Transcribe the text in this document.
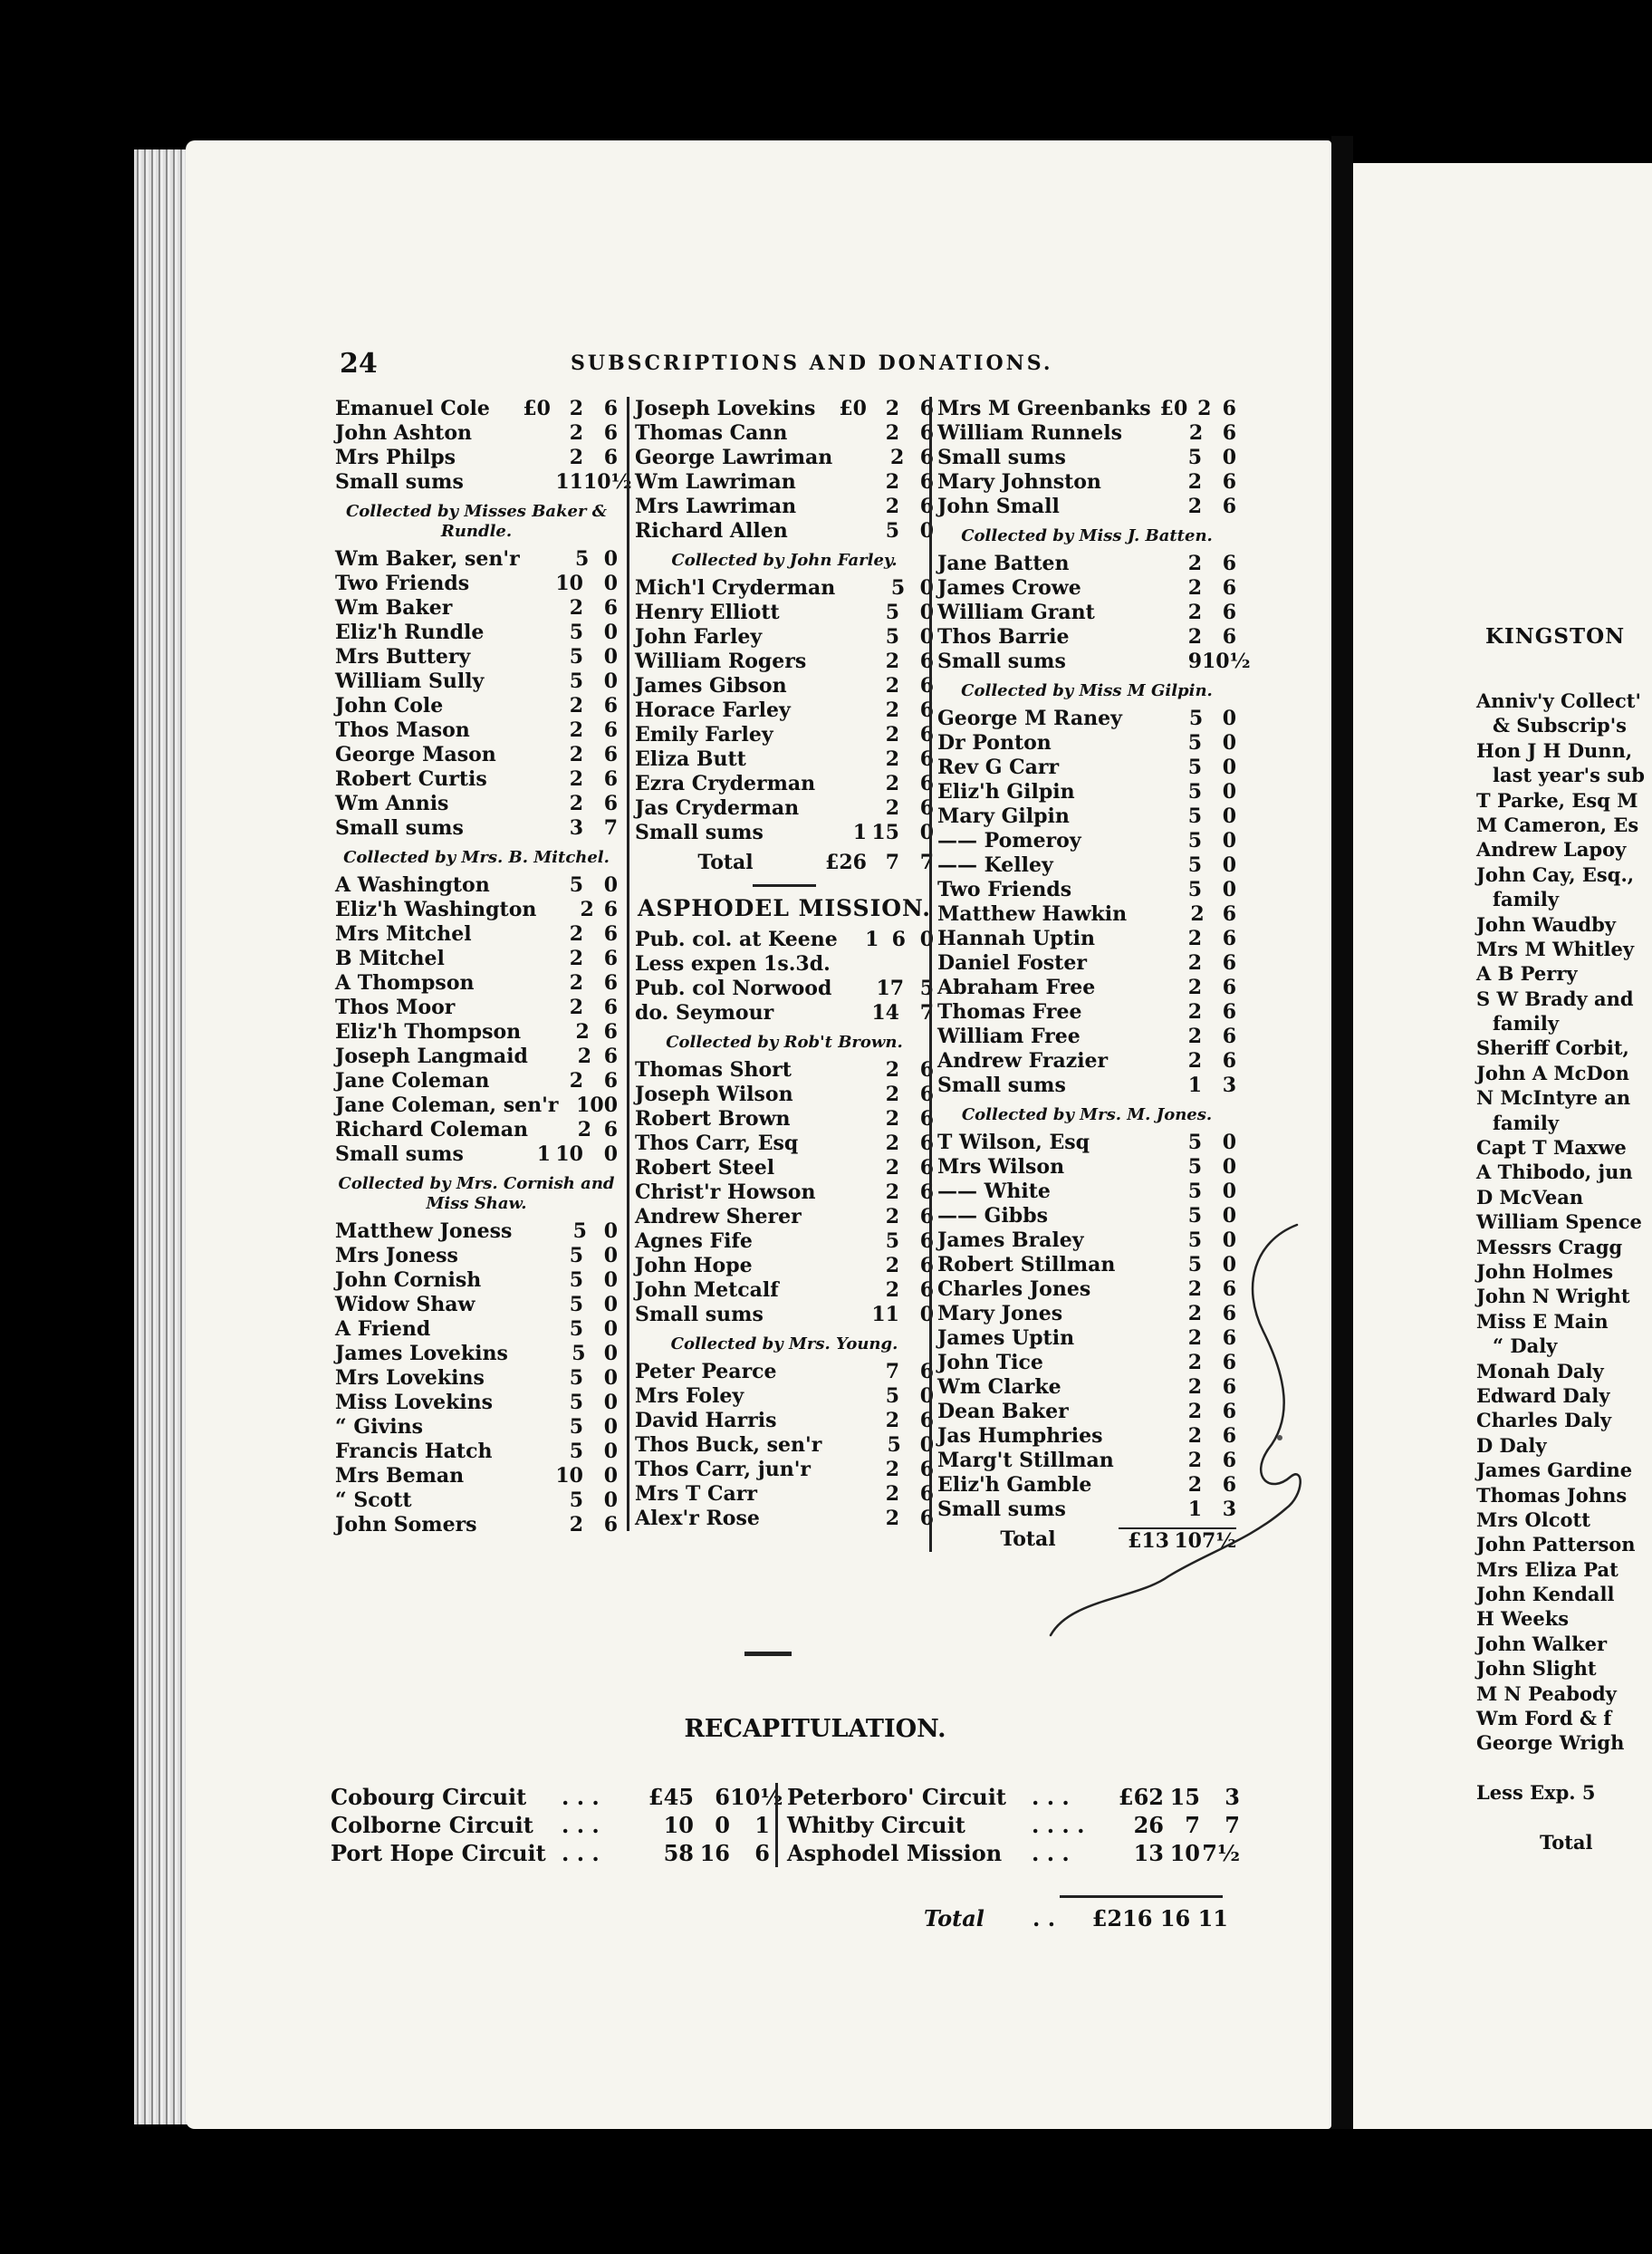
24	SUBSCRIPTIONS AND DONATIONS.
Emanuel Cole	£0 2	6
John Ashton	2	6
Mrs Philps	2	6
Small sums	11 10½
Collected by Misses Baker & Rundle.
Wm Baker, sen'r	5 0
Two Friends	10	0
Wm Baker	2	6
Eliz'h Rundle	5	0
Mrs Buttery	5	0
William Sully	5	0
John Cole	2	6
Thos Mason	2	6
George Mason	2	6
Robert Curtis	2	6
Wm Annis	2	6
Small sums	3	7
Collected by Mrs. B. Mitchel.
A Washington	5	0
Eliz'h Washington	2 6
Mrs Mitchel	2	6
B Mitchel	2	6
A Thompson	2	6
Thos Moor	2	6
Eliz'h Thompson	2 6
Joseph Langmaid	2 6
Jane Coleman	2	6
Jane Coleman, sen'r 10 0
Richard Coleman	2 6
Small sums	1 10	0
Collected by Mrs. Cornish and Miss Shaw.
Matthew Joness	5 0
Mrs Joness	5	0
John Cornish	5	0
Widow Shaw	5	0
A Friend	5	0
James Lovekins	5 0
Mrs Lovekins	5	0
Miss Lovekins	5	0
“ Givins	5	0
Francis Hatch	5	0
Mrs Beman	10	0
“ Scott	5	0
John Somers	2	6
Joseph Lovekins	£0 2	6
Thomas Cann	2	6
George Lawriman	2 6
Wm Lawriman	2	6
Mrs Lawriman	2	6
Richard Allen	5	0
Collected by John Farley.
Mich'l Cryderman	5 0
Henry Elliott	5	0
John Farley	5	0
William Rogers	2	6
James Gibson	2	6
Horace Farley	2	6
Emily Farley	2	6
Eliza Butt	2	6
Ezra Cryderman	2	6
Jas Cryderman	2	6
Small sums	1 15	0
Total	£26 7	7
ASPHODEL MISSION.
Pub. col. at Keene	1 6 0
Less expen 1s.3d.
Pub. col Norwood 17 5
do. Seymour	14	7
Collected by Rob't Brown.
Thomas Short	2	6
Joseph Wilson	2	6
Robert Brown	2	6
Thos Carr, Esq	2	6
Robert Steel	2	6
Christ'r Howson	2	6
Andrew Sherer	2	6
Agnes Fife	5	6
John Hope	2	6
John Metcalf	2	6
Small sums	11	0
Collected by Mrs. Young.
Peter Pearce	7	6
Mrs Foley	5	0
David Harris	2	6
Thos Buck, sen'r	5 0
Thos Carr, jun'r	2	6
Mrs T Carr	2	6
Alex'r Rose	2	6
Mrs M Greenbanks £0 2 6
William Runnels	2 6
Small sums	5	0
Mary Johnston	2	6
John Small	2	6
Collected by Miss J. Batten.
Jane Batten	2	6
James Crowe	2	6
William Grant	2	6
Thos Barrie	2	6
Small sums	9 10½
Collected by Miss M Gilpin.
George M Raney	5 0
Dr Ponton	5	0
Rev G Carr	5	0
Eliz'h Gilpin	5	0
Mary Gilpin	5	0
—— Pomeroy	5	0
—— Kelley	5	0
Two Friends	5	0
Matthew Hawkin	2 6
Hannah Uptin	2	6
Daniel Foster	2	6
Abraham Free	2	6
Thomas Free	2	6
William Free	2	6
Andrew Frazier	2	6
Small sums	1	3
Collected by Mrs. M. Jones.
T Wilson, Esq	5	0
Mrs Wilson	5	0
—— White	5	0
—— Gibbs	5	0
James Braley	5	0
Robert Stillman	5	0
Charles Jones	2	6
Mary Jones	2	6
James Uptin	2	6
John Tice	2	6
Wm Clarke	2	6
Dean Baker	2	6
Jas Humphries	2	6
Marg't Stillman	2	6
Eliz'h Gamble	2	6
Small sums	1	3
Total	£13 10 7½
RECAPITULATION.
Cobourg Circuit	. . .	£45 6 10½
Colborne Circuit	. . .	10 0	1
Port Hope Circuit . . .	58 16	6
Peterboro' Circuit	. . .	£62 15	3
Whitby Circuit	. . . .	26 7	7
Asphodel Mission	. . .	13 10 7½
Total	. .	£216 16 11
KINGSTON
Anniv'y Collect'
& Subscrip's
Hon J H Dunn,
last year's sub
T Parke, Esq M
M Cameron, Es
Andrew Lapoy
John Cay, Esq.,
family
John Waudby
Mrs M Whitley
A B Perry
S W Brady and
family
Sheriff Corbit,
John A McDon
N McIntyre an
family
Capt T Maxwe
A Thibodo, jun
D McVean
William Spence
Messrs Cragg
John Holmes
John N Wright
Miss E Main
“ Daly
Monah Daly
Edward Daly
Charles Daly
D Daly
James Gardine
Thomas Johns
Mrs Olcott
John Patterson
Mrs Eliza Pat
John Kendall
H Weeks
John Walker
John Slight
M N Peabody
Wm Ford & f
George Wrigh
Less Exp. 5
Total
